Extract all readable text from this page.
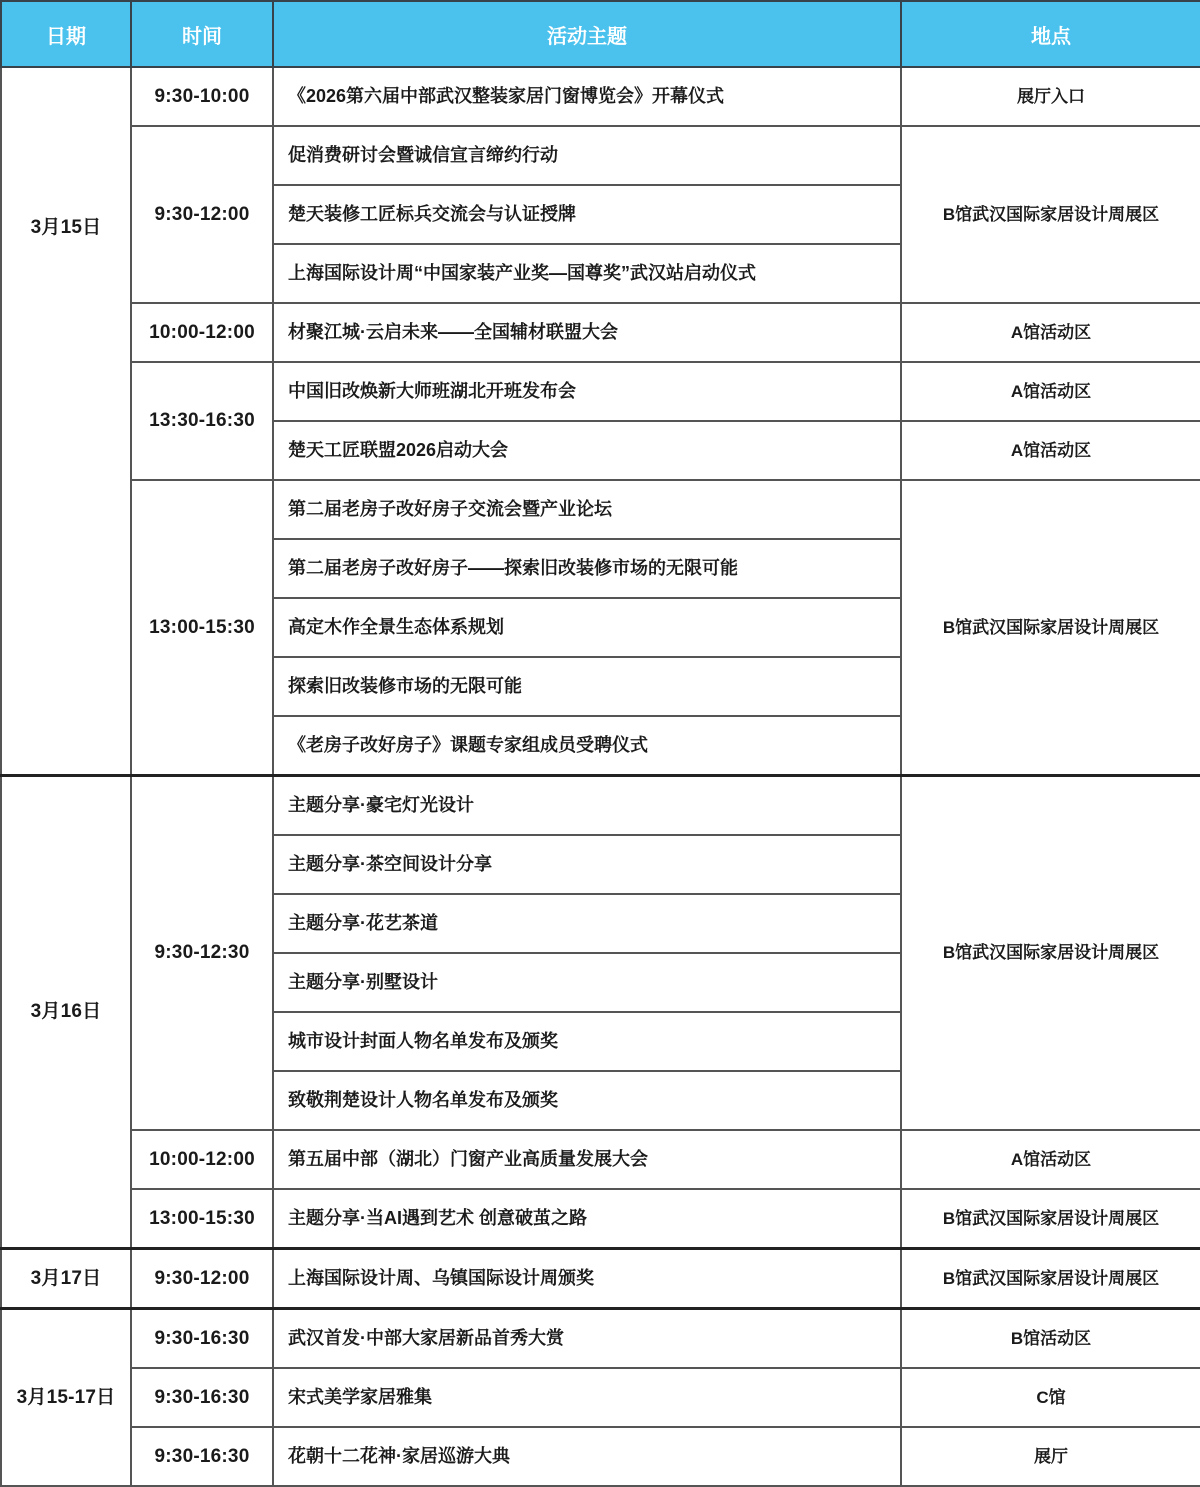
日期	时间	活动主题	地点
3月15日	9:30-10:00	《2026第六届中部武汉整装家居门窗博览会》开幕仪式	展厅入口
	9:30-12:00	促消费研讨会暨诚信宣言缔约行动	B馆武汉国际家居设计周展区
		楚天装修工匠标兵交流会与认证授牌	
		上海国际设计周“中国家装产业奖—国尊奖”武汉站启动仪式	
	10:00-12:00	材聚江城·云启未来——全国辅材联盟大会	A馆活动区
	13:30-16:30	中国旧改焕新大师班湖北开班发布会	A馆活动区
		楚天工匠联盟2026启动大会	A馆活动区
	13:00-15:30	第二届老房子改好房子交流会暨产业论坛	B馆武汉国际家居设计周展区
		第二届老房子改好房子——探索旧改装修市场的无限可能	
		高定木作全景生态体系规划	
		探索旧改装修市场的无限可能	
		《老房子改好房子》课题专家组成员受聘仪式	
3月16日	9:30-12:30	主题分享·豪宅灯光设计	B馆武汉国际家居设计周展区
		主题分享·茶空间设计分享	
		主题分享·花艺茶道	
		主题分享·别墅设计	
		城市设计封面人物名单发布及颁奖	
		致敬荆楚设计人物名单发布及颁奖	
	10:00-12:00	第五届中部（湖北）门窗产业高质量发展大会	A馆活动区
	13:00-15:30	主题分享·当AI遇到艺术 创意破茧之路	B馆武汉国际家居设计周展区
3月17日	9:30-12:00	上海国际设计周、乌镇国际设计周颁奖	B馆武汉国际家居设计周展区
3月15-17日	9:30-16:30	武汉首发·中部大家居新品首秀大赏	B馆活动区
	9:30-16:30	宋式美学家居雅集	C馆
	9:30-16:30	花朝十二花神·家居巡游大典	展厅
